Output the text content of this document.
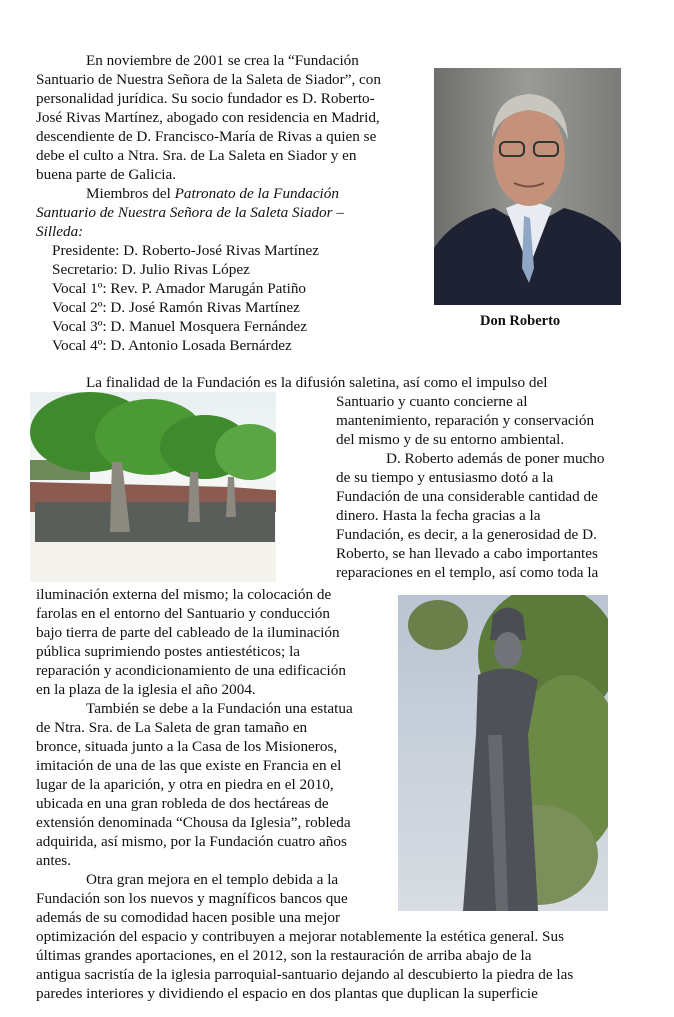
En noviembre de 2001 se crea la “Fundación
Santuario de Nuestra Señora de la Saleta de Siador”, con
personalidad jurídica. Su socio fundador es D. Roberto-
José Rivas Martínez, abogado con residencia en Madrid,
descendiente de D. Francisco-María de Rivas a quien se
debe el culto a Ntra. Sra. de La Saleta en Siador y en
buena parte de Galicia.
Miembros del Patronato de la Fundación
Santuario de Nuestra Señora de la Saleta Siador –
Silleda:
Presidente: D. Roberto-José Rivas Martínez
Secretario: D. Julio Rivas López
Vocal 1º: Rev. P. Amador Marugán Patiño
Vocal 2º: D. José Ramón Rivas Martínez
Vocal 3º: D. Manuel Mosquera Fernández
Vocal 4º: D. Antonio Losada Bernárdez
Don Roberto
La finalidad de la Fundación es la difusión saletina, así como el impulso del
Santuario y cuanto concierne al
mantenimiento, reparación y conservación
del mismo y de su entorno ambiental.
D. Roberto además de poner mucho
de su tiempo y entusiasmo dotó a la
Fundación de una considerable cantidad de
dinero. Hasta la fecha gracias a la
Fundación, es decir, a la generosidad de D.
Roberto, se han llevado a cabo importantes
reparaciones en el templo, así como toda la
iluminación externa del mismo; la colocación de
farolas en el entorno del Santuario y conducción
bajo tierra de parte del cableado de la iluminación
pública suprimiendo postes antiestéticos; la
reparación y acondicionamiento de una edificación
en la plaza de la iglesia el año 2004.
También se debe a la Fundación una estatua
de Ntra. Sra. de La Saleta de gran tamaño en
bronce, situada junto a la Casa de los Misioneros,
imitación de una de las que existe en Francia en el
lugar de la aparición, y otra en piedra en el 2010,
ubicada en una gran robleda de dos hectáreas de
extensión denominada “Chousa da Iglesia”, robleda
adquirida, así mismo, por la Fundación cuatro años
antes.
Otra gran mejora en el templo debida a la
Fundación son los nuevos y magníficos bancos que
además de su comodidad hacen posible una mejor
optimización del espacio y contribuyen a mejorar notablemente la estética general. Sus
últimas grandes aportaciones, en el 2012, son la restauración de arriba abajo de la
antigua sacristía de la iglesia parroquial-santuario dejando al descubierto la piedra de las
paredes interiores y dividiendo el espacio en dos plantas que duplican la superficie
